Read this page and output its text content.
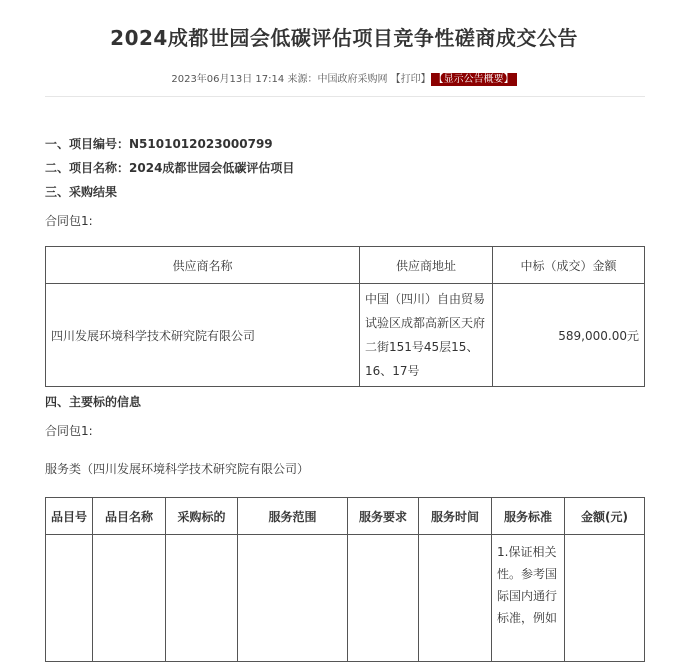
2024成都世园会低碳评估项目竞争性磋商成交公告
2023年06月13日 17:14 来源：中国政府采购网 【打印】 【显示公告概要】
一、项目编号：N5101012023000799
二、项目名称：2024成都世园会低碳评估项目
三、采购结果
合同包1:
供应商名称	供应商地址	中标（成交）金额
四川发展环境科学技术研究院有限公司	中国（四川）自由贸易试验区成都高新区天府二街151号45层15、16、17号	589,000.00元
四、主要标的信息
合同包1:
服务类（四川发展环境科学技术研究院有限公司）
品目号	品目名称	采购标的	服务范围	服务要求	服务时间	服务标准	金额(元)
						1.保证相关性。参考国际国内通行标准，例如	
